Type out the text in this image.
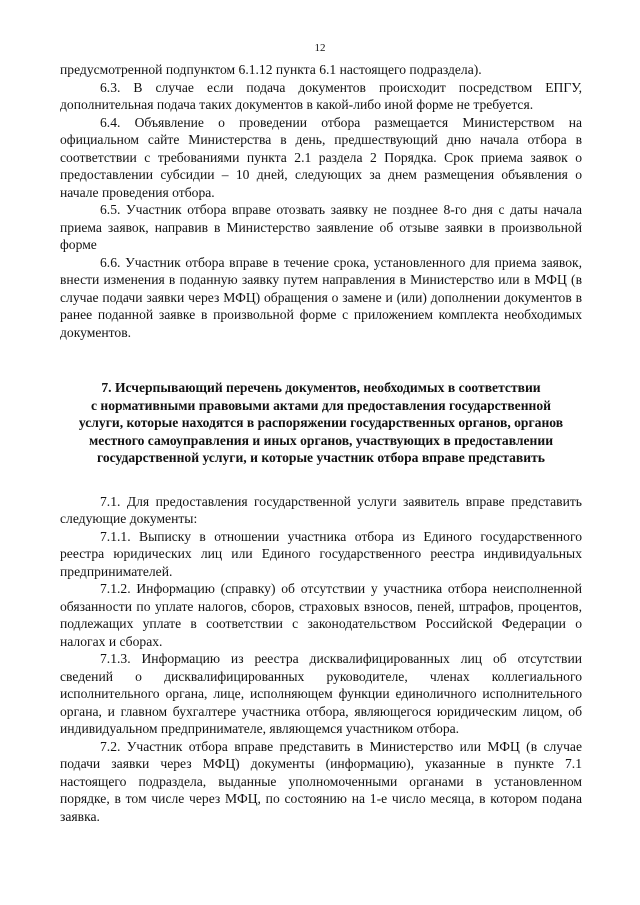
12

предусмотренной подпунктом 6.1.12 пункта 6.1 настоящего подраздела).

6.3. В случае если подача документов происходит посредством ЕПГУ, дополнительная подача таких документов в какой-либо иной форме не требуется.

6.4. Объявление о проведении отбора размещается Министерством на официальном сайте Министерства в день, предшествующий дню начала отбора в соответствии с требованиями пункта 2.1 раздела 2 Порядка. Срок приема заявок о предоставлении субсидии – 10 дней, следующих за днем размещения объявления о начале проведения отбора.

6.5. Участник отбора вправе отозвать заявку не позднее 8-го дня с даты начала приема заявок, направив в Министерство заявление об отзыве заявки в произвольной форме

6.6. Участник отбора вправе в течение срока, установленного для приема заявок, внести изменения в поданную заявку путем направления в Министерство или в МФЦ (в случае подачи заявки через МФЦ) обращения о замене и (или) дополнении документов в ранее поданной заявке в произвольной форме с приложением комплекта необходимых документов.

7. Исчерпывающий перечень документов, необходимых в соответствии
с нормативными правовыми актами для предоставления государственной
услуги, которые находятся в распоряжении государственных органов, органов
местного самоуправления и иных органов, участвующих в предоставлении
государственной услуги, и которые участник отбора вправе представить

7.1. Для предоставления государственной услуги заявитель вправе представить следующие документы:

7.1.1. Выписку в отношении участника отбора из Единого государственного реестра юридических лиц или Единого государственного реестра индивидуальных предпринимателей.

7.1.2. Информацию (справку) об отсутствии у участника отбора неисполненной обязанности по уплате налогов, сборов, страховых взносов, пеней, штрафов, процентов, подлежащих уплате в соответствии с законодательством Российской Федерации о налогах и сборах.

7.1.3. Информацию из реестра дисквалифицированных лиц об отсутствии сведений о дисквалифицированных руководителе, членах коллегиального исполнительного органа, лице, исполняющем функции единоличного исполнительного органа, и главном бухгалтере участника отбора, являющегося юридическим лицом, об индивидуальном предпринимателе, являющемся участником отбора.

7.2. Участник отбора вправе представить в Министерство или МФЦ (в случае подачи заявки через МФЦ) документы (информацию), указанные в пункте 7.1 настоящего подраздела, выданные уполномоченными органами в установленном порядке, в том числе через МФЦ, по состоянию на 1-е число месяца, в котором подана заявка.
